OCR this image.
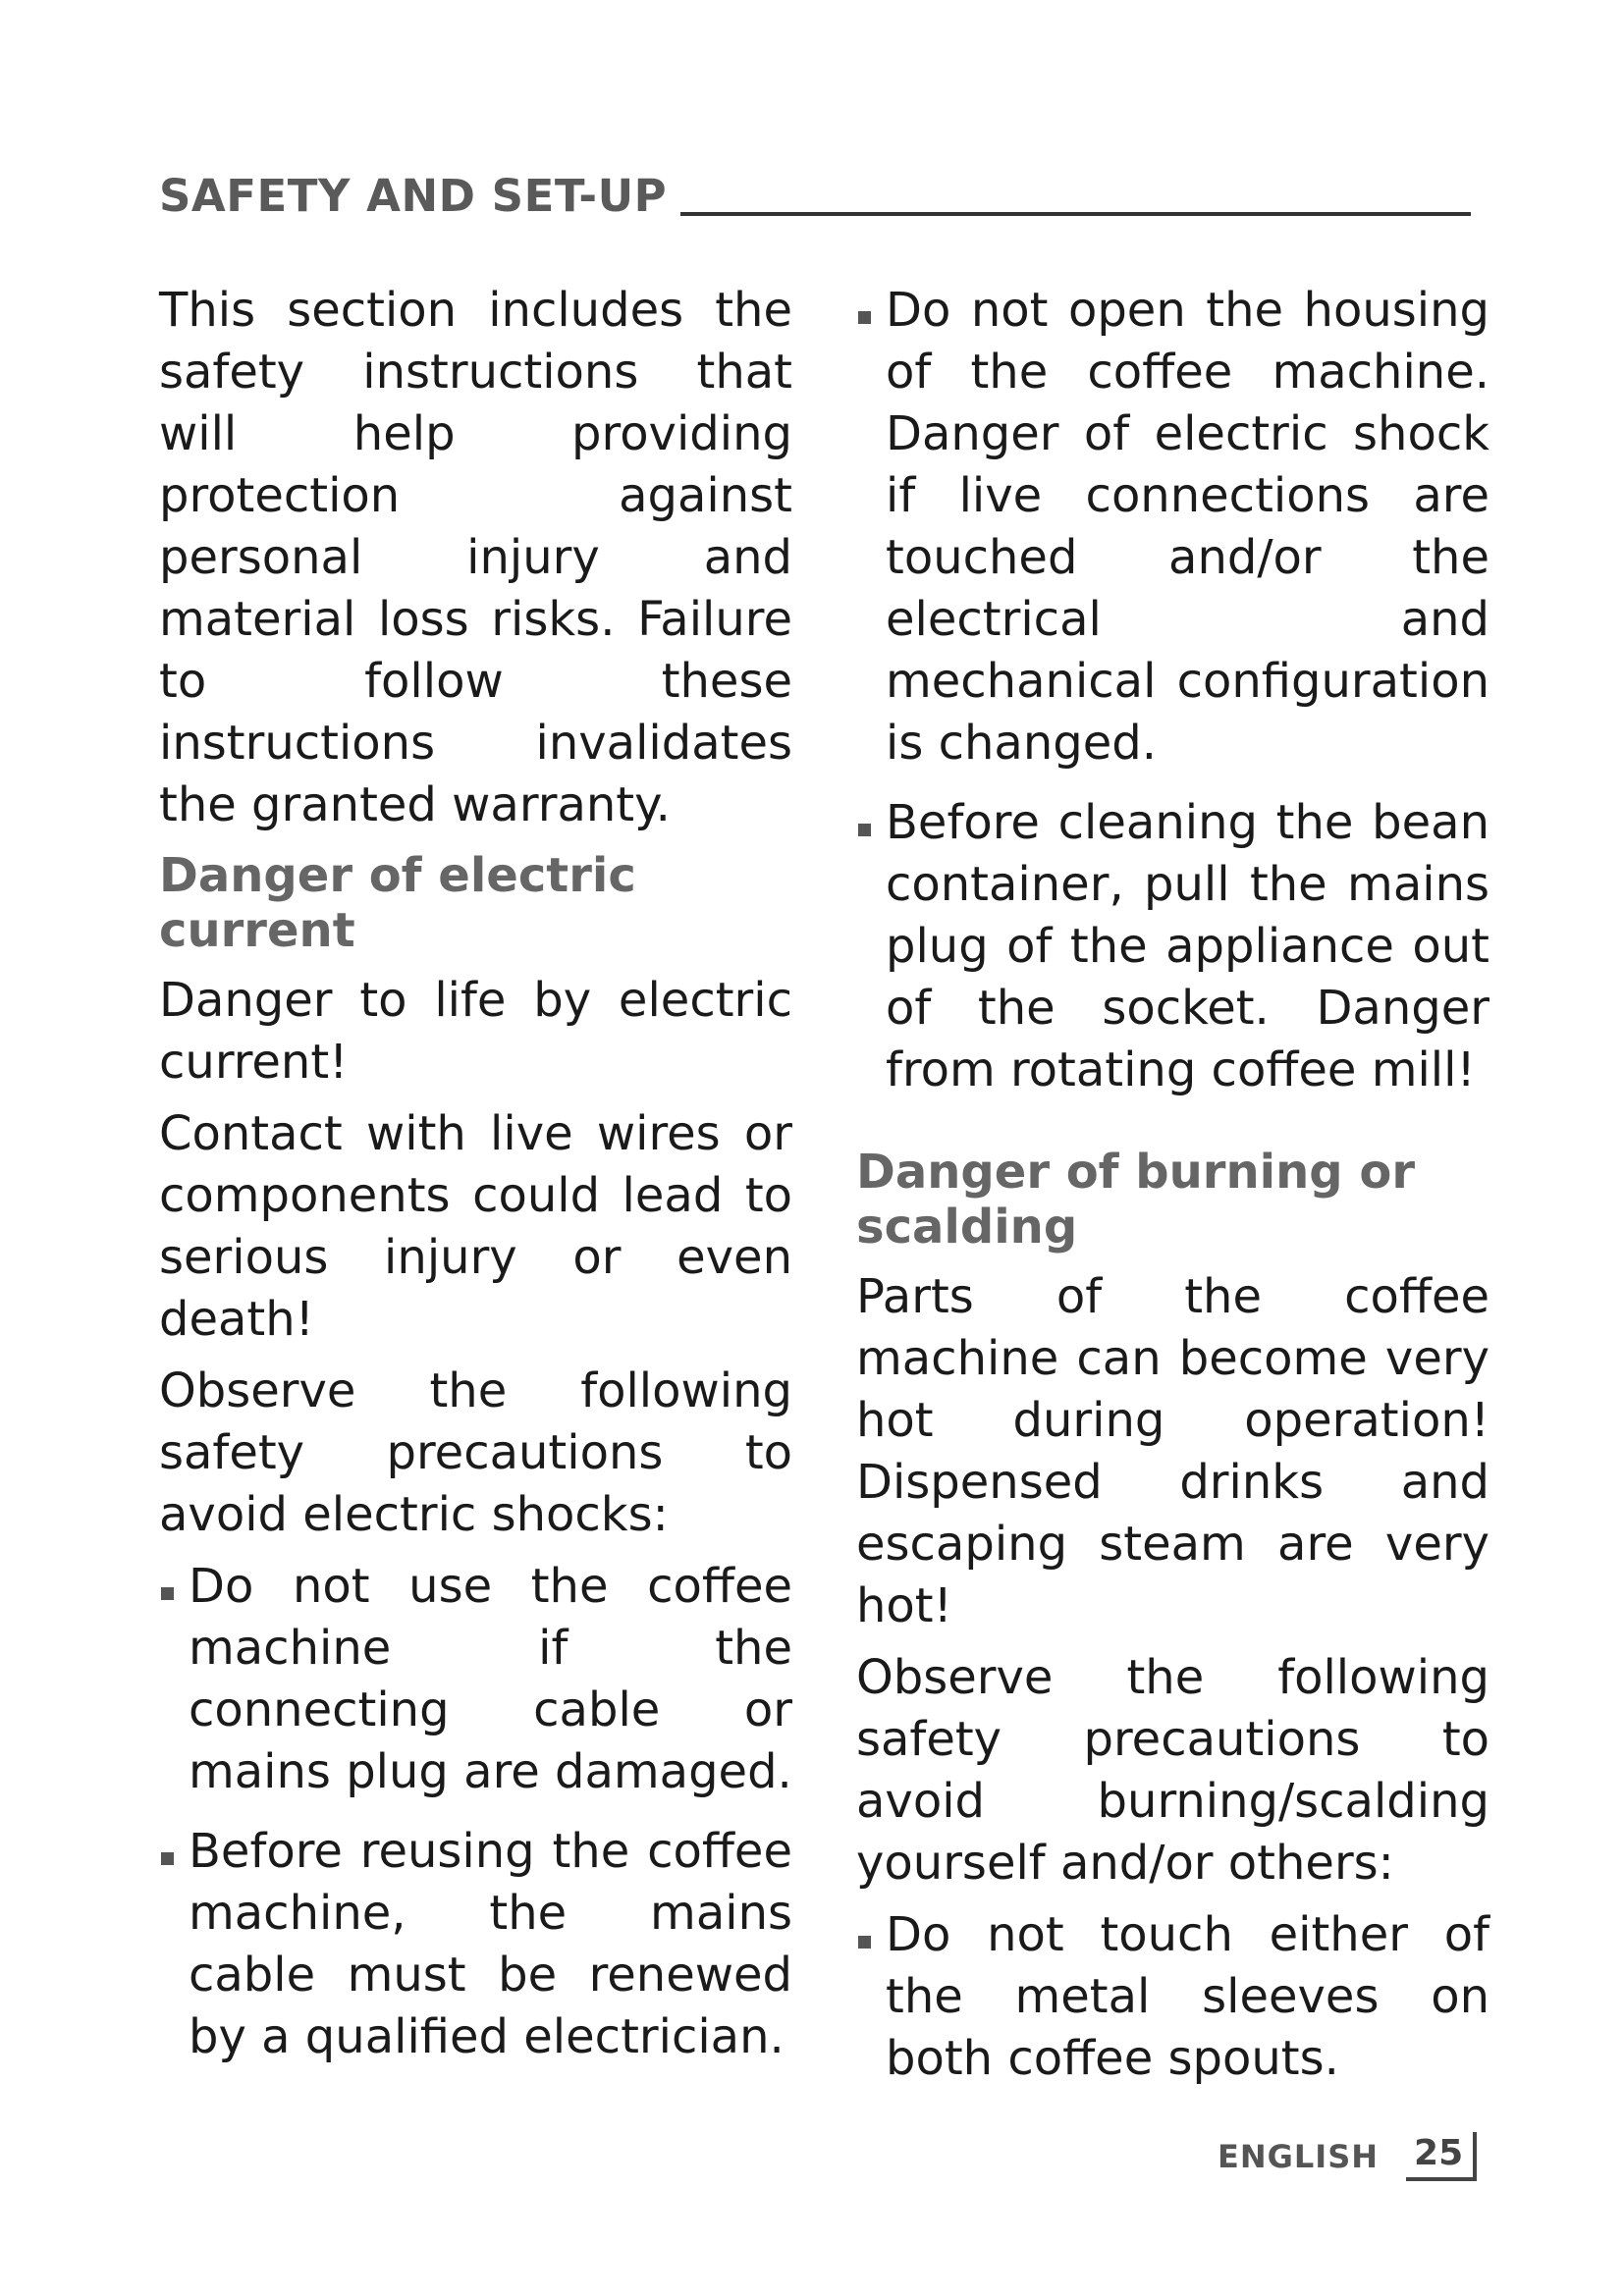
SAFETY AND SET-UP

This section includes the safety instructions that will help providing protection against personal injury and material loss risks. Failure to follow these instructions invalidates the granted warranty.

Danger of electric current

Danger to life by electric current!

Contact with live wires or components could lead to serious injury or even death!

Observe the following safety precautions to avoid electric shocks:

Do not use the coffee machine if the connecting cable or mains plug are damaged.
Before reusing the coffee machine, the mains cable must be renewed by a qualified electrician.
Do not open the housing of the coffee machine. Danger of electric shock if live connections are touched and/or the electrical and mechanical configuration is changed.
Before cleaning the bean container, pull the mains plug of the appliance out of the socket. Danger from rotating coffee mill!
Danger of burning or scalding

Parts of the coffee machine can become very hot during operation! Dispensed drinks and escaping steam are very hot!

Observe the following safety precautions to avoid burning/scalding yourself and/or others:

Do not touch either of the metal sleeves on both coffee spouts.
ENGLISH 25
